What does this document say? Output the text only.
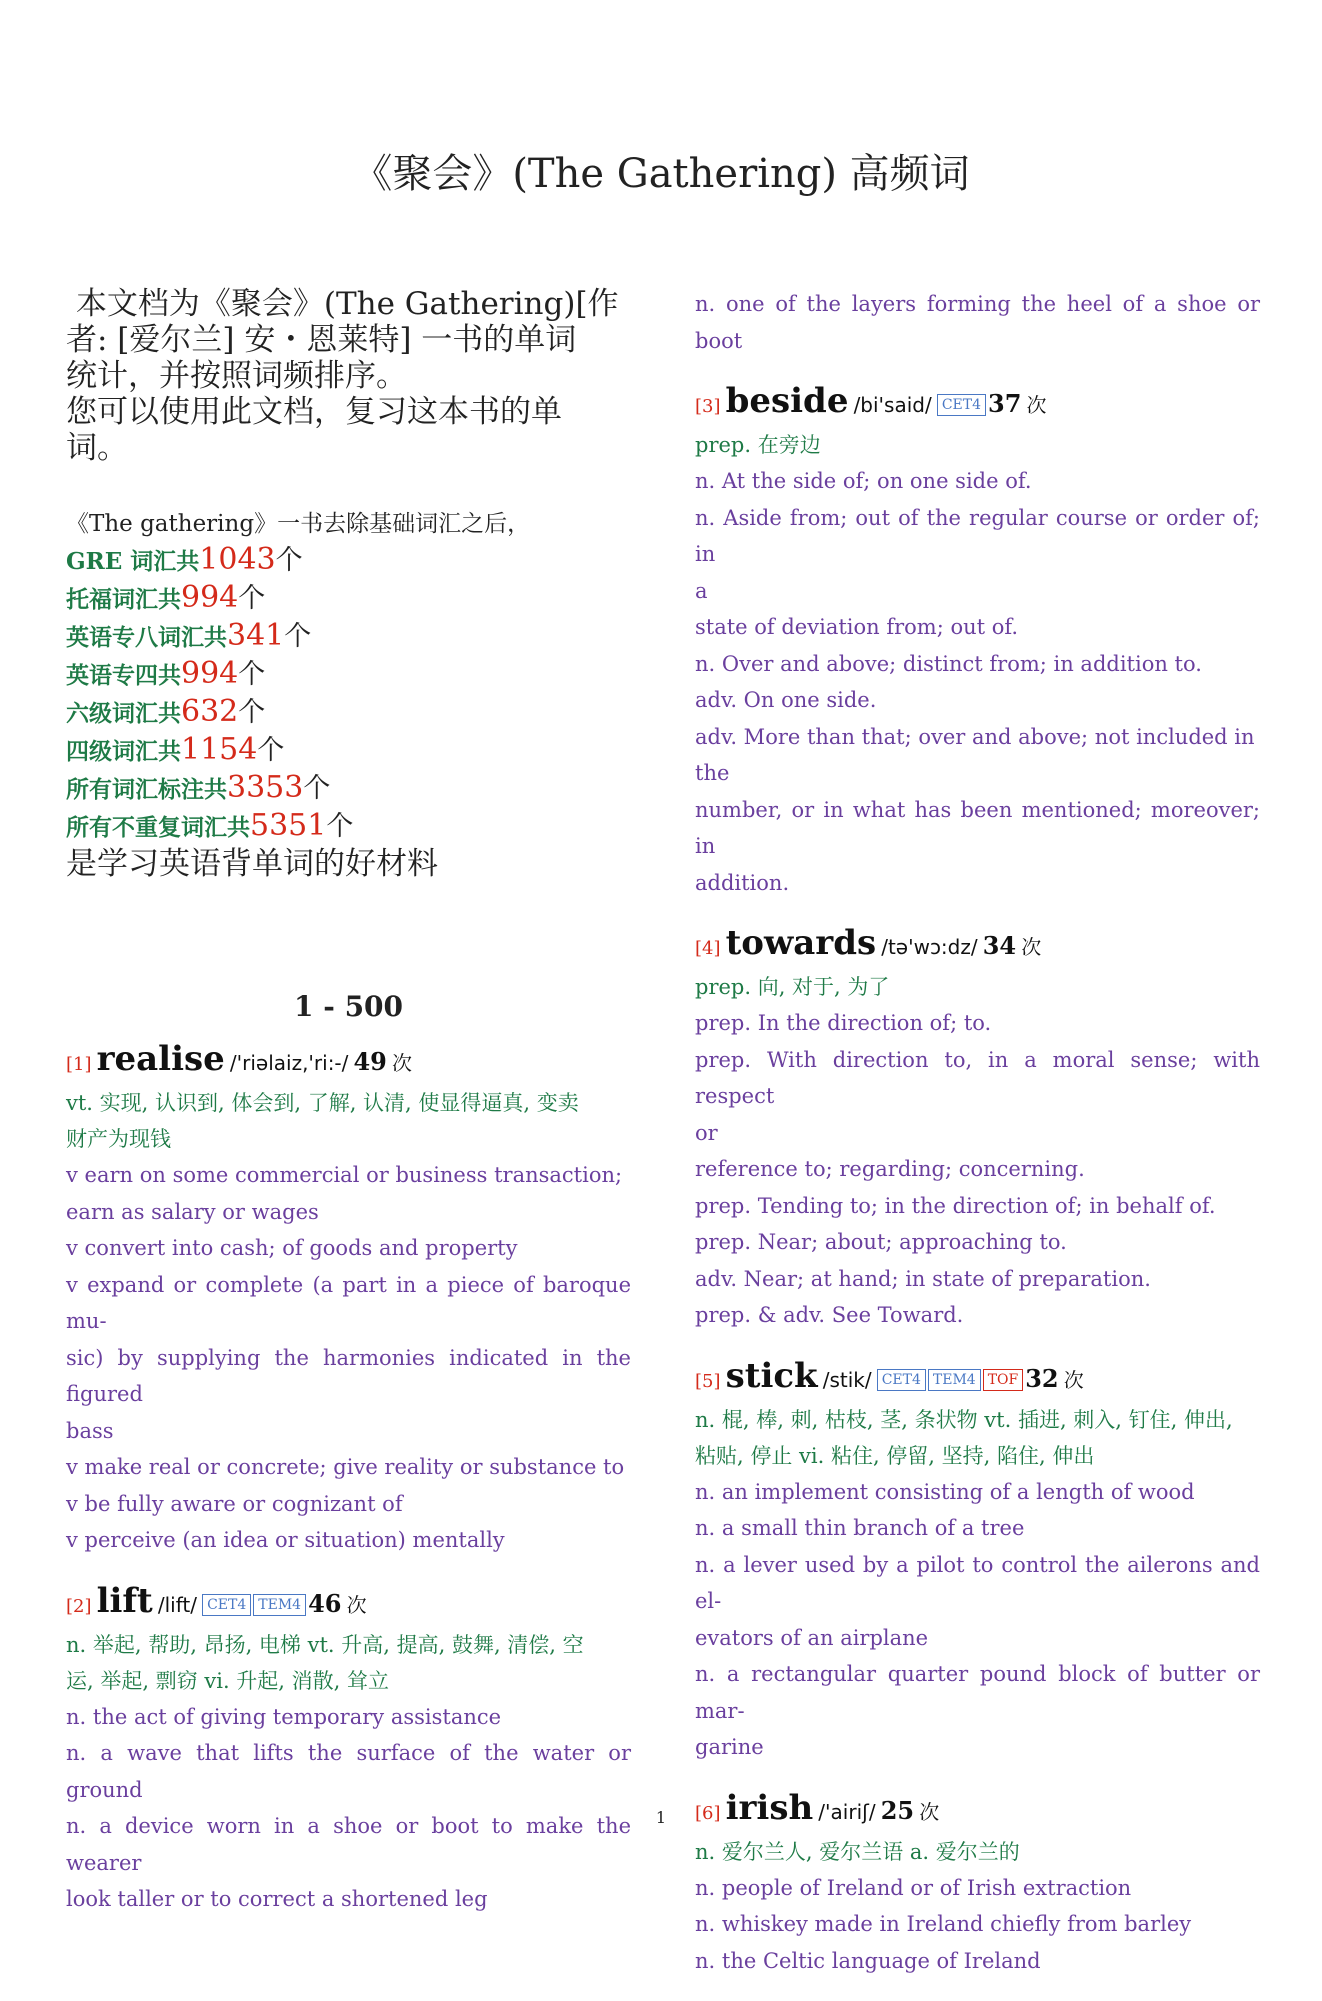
《聚会》(The Gathering) 高频词
本文档为《聚会》(The Gathering)[作
者: [爱尔兰] 安・恩莱特] 一书的单词
统计，并按照词频排序。
您可以使用此文档，复习这本书的单
词。
《The gathering》一书去除基础词汇之后，
GRE 词汇共1043个
托福词汇共994个
英语专八词汇共341个
英语专四共994个
六级词汇共632个
四级词汇共1154个
所有词汇标注共3353个
所有不重复词汇共5351个
是学习英语背单词的好材料
1 - 500
[1] realise /'riəlaiz,'ri:-/ 49 次
vt. 实现, 认识到, 体会到, 了解, 认清, 使显得逼真, 变卖
财产为现钱
v earn on some commercial or business transaction;
earn as salary or wages
v convert into cash; of goods and property
v expand or complete (a part in a piece of baroque mu-
sic) by supplying the harmonies indicated in the figured
bass
v make real or concrete; give reality or substance to
v be fully aware or cognizant of
v perceive (an idea or situation) mentally
[2] lift /lift/ CET4 TEM4 46 次
n. 举起, 帮助, 昂扬, 电梯 vt. 升高, 提高, 鼓舞, 清偿, 空
运, 举起, 剽窃 vi. 升起, 消散, 耸立
n. the act of giving temporary assistance
n. a wave that lifts the surface of the water or ground
n. a device worn in a shoe or boot to make the wearer
look taller or to correct a shortened leg
n. one of the layers forming the heel of a shoe or boot
[3] beside /bi'said/ CET4 37 次
prep. 在旁边
n. At the side of; on one side of.
n. Aside from; out of the regular course or order of; in
a
state of deviation from; out of.
n. Over and above; distinct from; in addition to.
adv. On one side.
adv. More than that; over and above; not included in
the
number, or in what has been mentioned; moreover; in
addition.
[4] towards /tə'wɔ:dz/ 34 次
prep. 向, 对于, 为了
prep. In the direction of; to.
prep. With direction to, in a moral sense; with respect
or
reference to; regarding; concerning.
prep. Tending to; in the direction of; in behalf of.
prep. Near; about; approaching to.
adv. Near; at hand; in state of preparation.
prep. & adv. See Toward.
[5] stick /stik/ CET4 TEM4 TOF 32 次
n. 棍, 棒, 刺, 枯枝, 茎, 条状物 vt. 插进, 刺入, 钉住, 伸出,
粘贴, 停止 vi. 粘住, 停留, 坚持, 陷住, 伸出
n. an implement consisting of a length of wood
n. a small thin branch of a tree
n. a lever used by a pilot to control the ailerons and el-
evators of an airplane
n. a rectangular quarter pound block of butter or mar-
garine
[6] irish /'airiʃ/ 25 次
n. 爱尔兰人, 爱尔兰语 a. 爱尔兰的
n. people of Ireland or of Irish extraction
n. whiskey made in Ireland chiefly from barley
n. the Celtic language of Ireland
1
